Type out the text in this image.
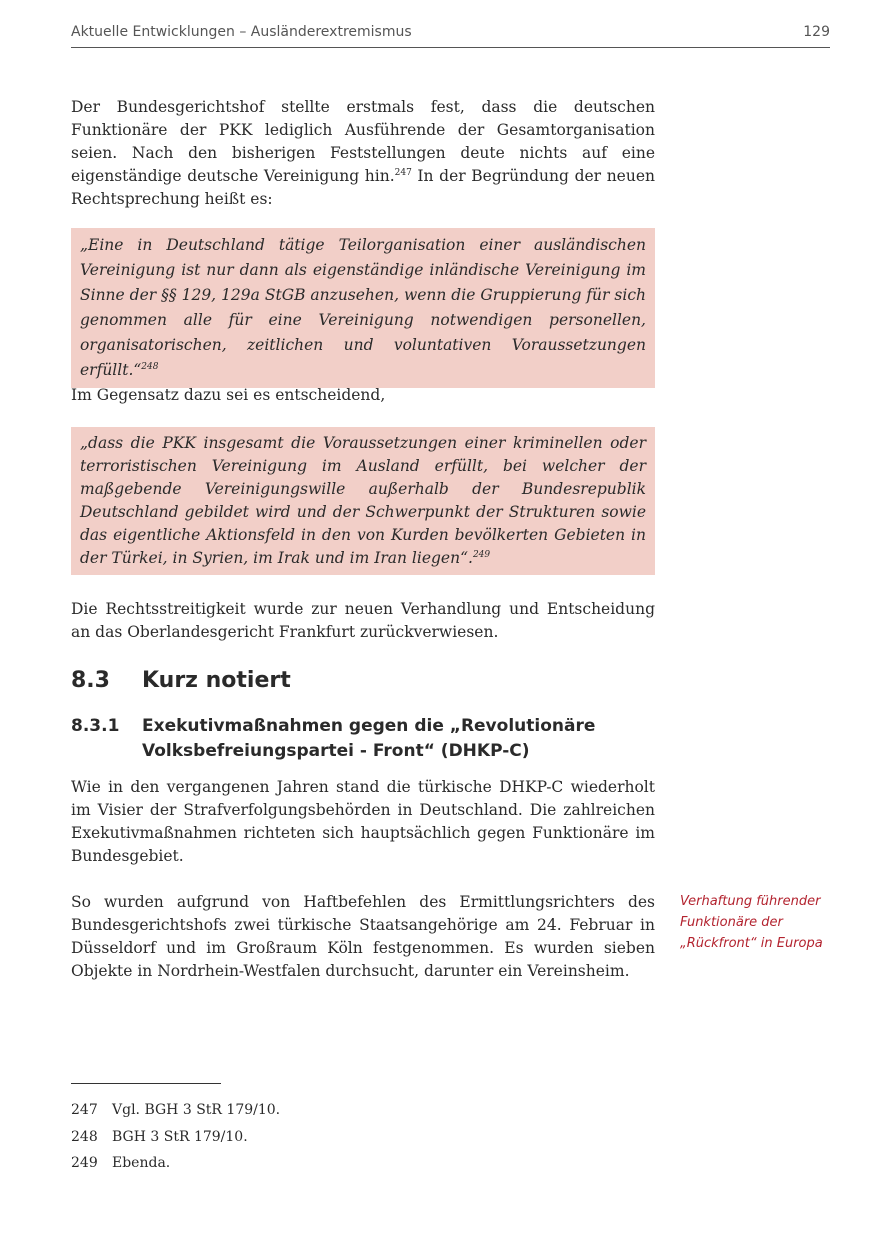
Aktuelle Entwicklungen – Ausländerextremismus	129
Der Bundesgerichtshof stellte erstmals fest, dass die deutschen Funktionäre der PKK lediglich Ausführende der Gesamtorganisation seien. Nach den bisherigen Feststellungen deute nichts auf eine eigenständige deutsche Vereinigung hin.$^{247}$ In der Begründung der neuen Rechtsprechung heißt es:
„Eine in Deutschland tätige Teilorganisation einer ausländischen Vereinigung ist nur dann als eigenständige inländische Vereinigung im Sinne der §§ 129, 129a StGB anzusehen, wenn die Gruppierung für sich genommen alle für eine Vereinigung notwendigen personellen, organisatorischen, zeitlichen und voluntativen Voraussetzungen erfüllt.“$^{248}$
Im Gegensatz dazu sei es entscheidend,
„dass die PKK insgesamt die Voraussetzungen einer kriminellen oder terroristischen Vereinigung im Ausland erfüllt, bei welcher der maßgebende Vereinigungswille außerhalb der Bundesrepublik Deutschland gebildet wird und der Schwerpunkt der Strukturen sowie das eigentliche Aktionsfeld in den von Kurden bevölkerten Gebieten in der Türkei, in Syrien, im Irak und im Iran liegen“.$^{249}$
Die Rechtsstreitigkeit wurde zur neuen Verhandlung und Entscheidung an das Oberlandesgericht Frankfurt zurückverwiesen.
8.3 Kurz notiert
8.3.1 Exekutivmaßnahmen gegen die „Revolutionäre Volksbefreiungspartei - Front“ (DHKP-C)
Wie in den vergangenen Jahren stand die türkische DHKP-C wiederholt im Visier der Strafverfolgungsbehörden in Deutschland. Die zahlreichen Exekutivmaßnahmen richteten sich hauptsächlich gegen Funktionäre im Bundesgebiet.
So wurden aufgrund von Haftbefehlen des Ermittlungsrichters des Bundesgerichtshofs zwei türkische Staatsangehörige am 24. Februar in Düsseldorf und im Großraum Köln festgenommen. Es wurden sieben Objekte in Nordrhein-Westfalen durchsucht, darunter ein Vereinsheim.
Verhaftung führender Funktionäre der „Rückfront“ in Europa
247 Vgl. BGH 3 StR 179/10.
248 BGH 3 StR 179/10.
249 Ebenda.
